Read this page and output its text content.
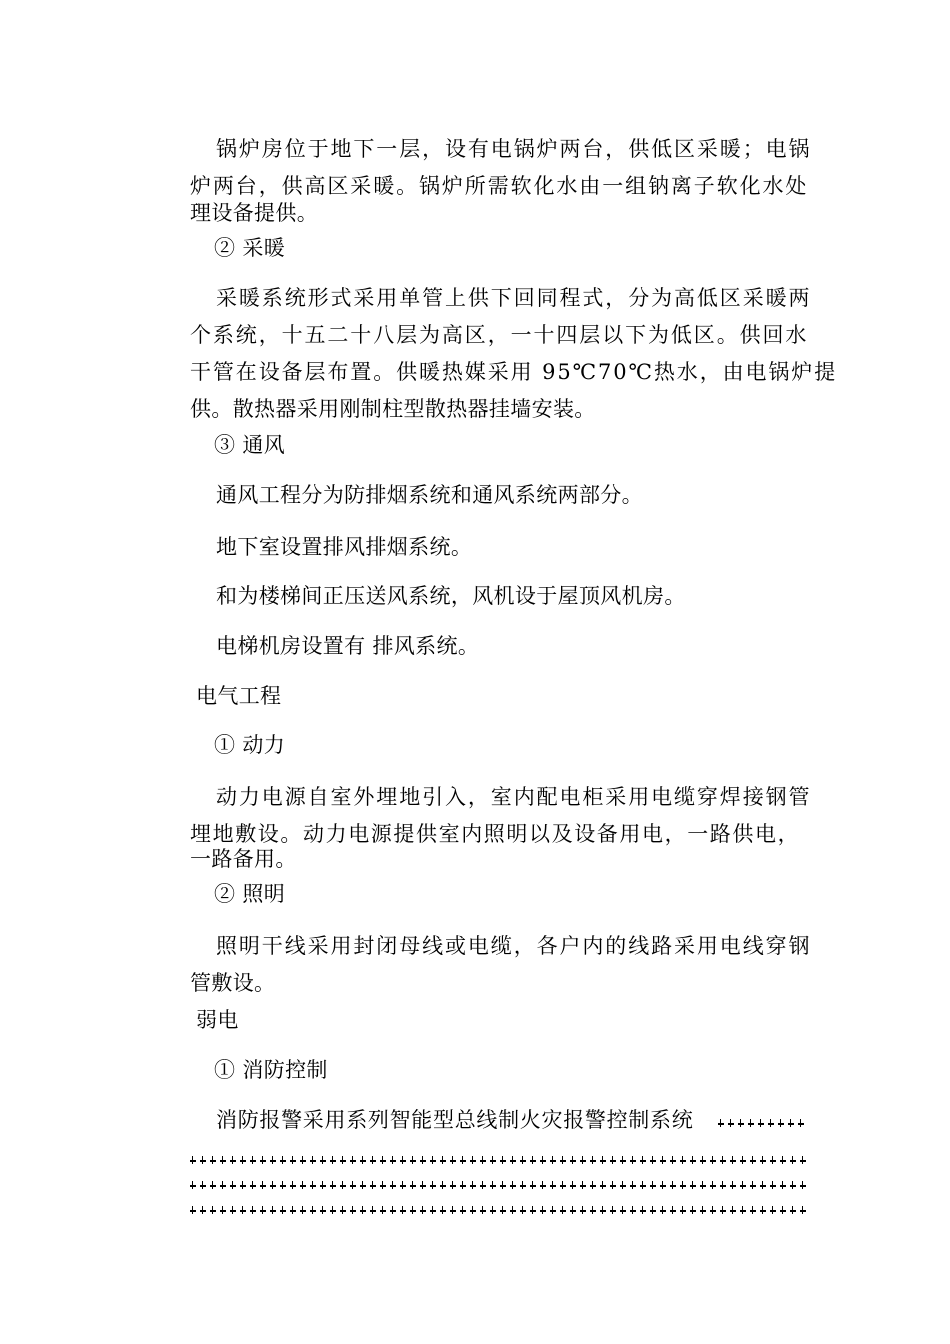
锅炉房位于地下一层，设有电锅炉两台，供低区采暖；电锅
炉两台，供高区采暖。锅炉所需软化水由一组钠离子软化水处
理设备提供。
② 采暖
采暖系统形式采用单管上供下回同程式，分为高低区采暖两
个系统，十五二十八层为高区，一十四层以下为低区。供回水
干管在设备层布置。供暖热媒采用 95℃70℃热水，由电锅炉提
供。散热器采用刚制柱型散热器挂墙安装。
③ 通风
通风工程分为防排烟系统和通风系统两部分。
地下室设置排风排烟系统。
和为楼梯间正压送风系统，风机设于屋顶风机房。
电梯机房设置有 排风系统。
电气工程
① 动力
动力电源自室外埋地引入，室内配电柜采用电缆穿焊接钢管
埋地敷设。动力电源提供室内照明以及设备用电，一路供电，
一路备用。
② 照明
照明干线采用封闭母线或电缆，各户内的线路采用电线穿钢
管敷设。
弱电
① 消防控制
消防报警采用系列智能型总线制火灾报警控制系统
